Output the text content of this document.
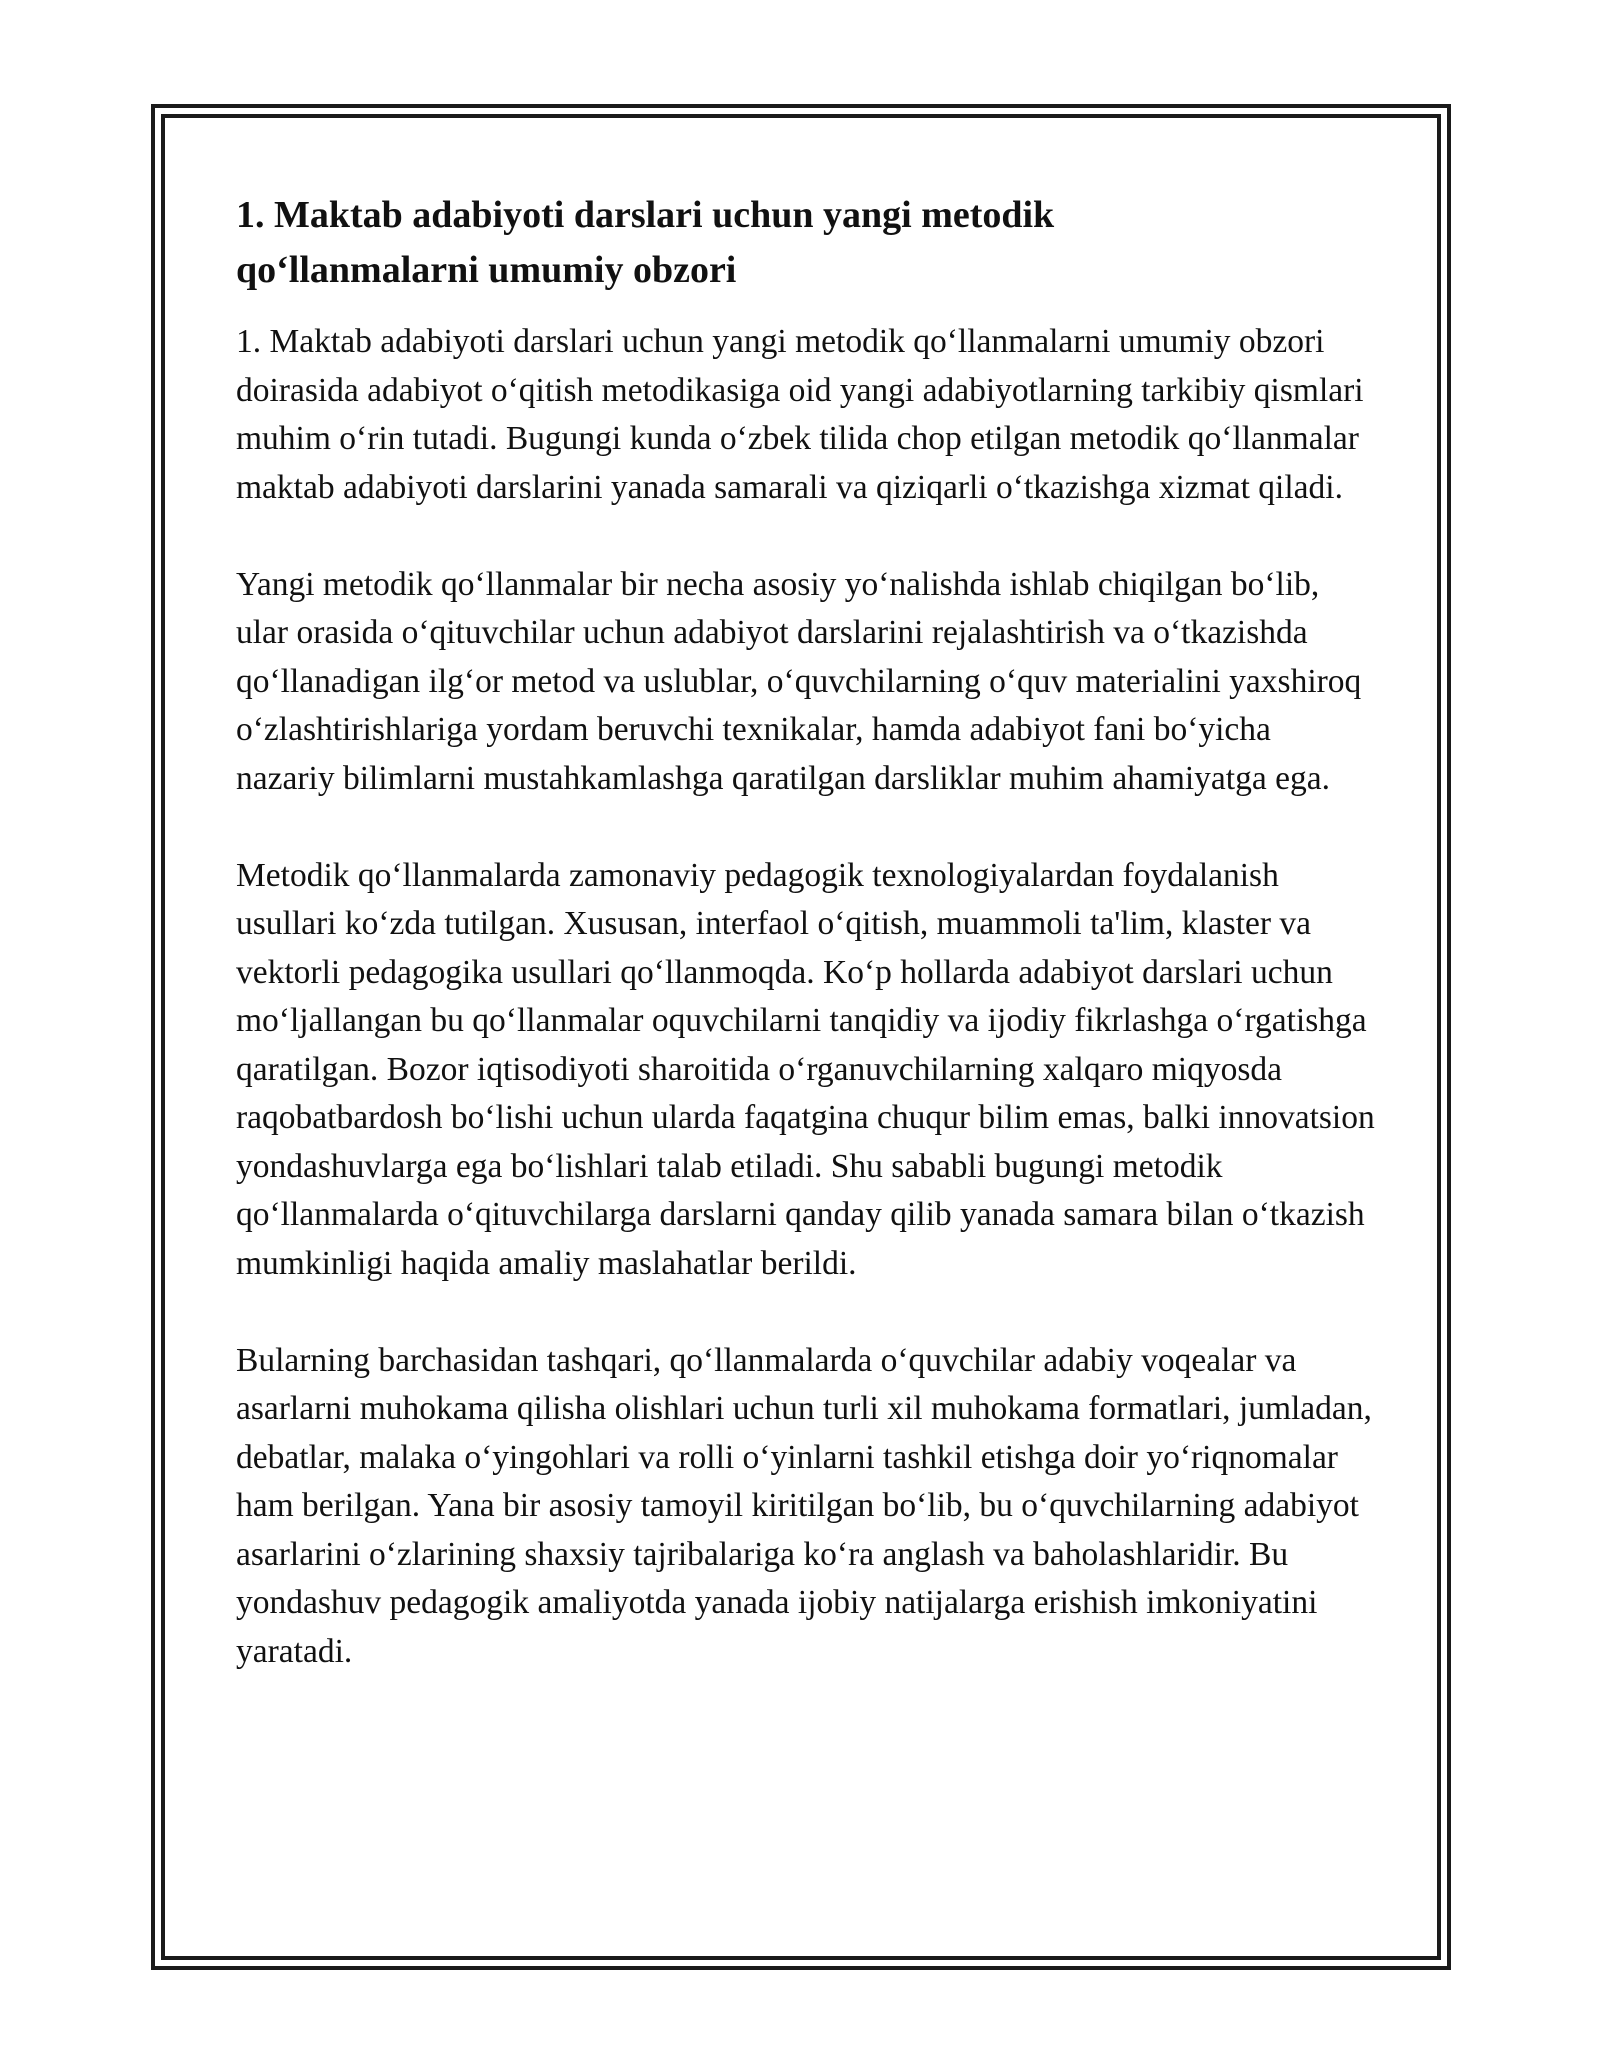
1. Maktab adabiyoti darslari uchun yangi metodik qo‘llanmalarni umumiy obzori

1. Maktab adabiyoti darslari uchun yangi metodik qo‘llanmalarni umumiy obzori doirasida adabiyot o‘qitish metodikasiga oid yangi adabiyotlarning tarkibiy qismlari muhim o‘rin tutadi. Bugungi kunda o‘zbek tilida chop etilgan metodik qo‘llanmalar maktab adabiyoti darslarini yanada samarali va qiziqarli o‘tkazishga xizmat qiladi.

Yangi metodik qo‘llanmalar bir necha asosiy yo‘nalishda ishlab chiqilgan bo‘lib, ular orasida o‘qituvchilar uchun adabiyot darslarini rejalashtirish va o‘tkazishda qo‘llanadigan ilg‘or metod va uslublar, o‘quvchilarning o‘quv materialini yaxshiroq o‘zlashtirishlariga yordam beruvchi texnikalar, hamda adabiyot fani bo‘yicha nazariy bilimlarni mustahkamlashga qaratilgan darsliklar muhim ahamiyatga ega.

Metodik qo‘llanmalarda zamonaviy pedagogik texnologiyalardan foydalanish usullari ko‘zda tutilgan. Xususan, interfaol o‘qitish, muammoli ta'lim, klaster va vektorli pedagogika usullari qo‘llanmoqda. Ko‘p hollarda adabiyot darslari uchun mo‘ljallangan bu qo‘llanmalar oquvchilarni tanqidiy va ijodiy fikrlashga o‘rgatishga qaratilgan. Bozor iqtisodiyoti sharoitida o‘rganuvchilarning xalqaro miqyosda raqobatbardosh bo‘lishi uchun ularda faqatgina chuqur bilim emas, balki innovatsion yondashuvlarga ega bo‘lishlari talab etiladi. Shu sababli bugungi metodik qo‘llanmalarda o‘qituvchilarga darslarni qanday qilib yanada samara bilan o‘tkazish mumkinligi haqida amaliy maslahatlar berildi.

Bularning barchasidan tashqari, qo‘llanmalarda o‘quvchilar adabiy voqealar va asarlarni muhokama qilisha olishlari uchun turli xil muhokama formatlari, jumladan, debatlar, malaka o‘yingohlari va rolli o‘yinlarni tashkil etishga doir yo‘riqnomalar ham berilgan. Yana bir asosiy tamoyil kiritilgan bo‘lib, bu o‘quvchilarning adabiyot asarlarini o‘zlarining shaxsiy tajribalariga ko‘ra anglash va baholashlaridir. Bu yondashuv pedagogik amaliyotda yanada ijobiy natijalarga erishish imkoniyatini yaratadi.
